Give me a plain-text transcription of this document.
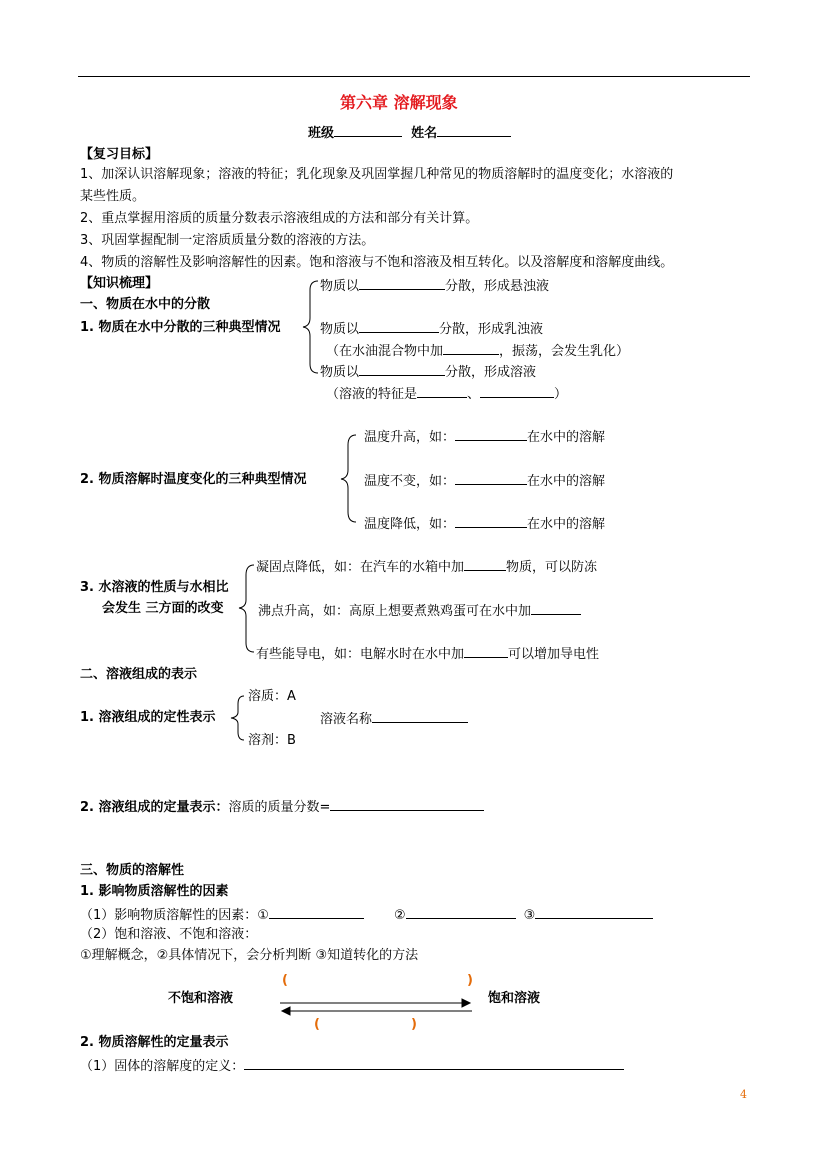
第六章 溶解现象
班级	姓名
【复习目标】
1、加深认识溶解现象；溶液的特征；乳化现象及巩固掌握几种常见的物质溶解时的温度变化；水溶液的
某些性质。
2、重点掌握用溶质的质量分数表示溶液组成的方法和部分有关计算。
3、巩固掌握配制一定溶质质量分数的溶液的方法。
4、物质的溶解性及影响溶解性的因素。饱和溶液与不饱和溶液及相互转化。以及溶解度和溶解度曲线。
【知识梳理】
一、物质在水中的分散
1. 物质在水中分散的三种典型情况
物质以	分散，形成悬浊液
物质以	分散，形成乳浊液
（在水油混合物中加	，振荡，会发生乳化）
物质以	分散，形成溶液
（溶液的特征是	、	）
2. 物质溶解时温度变化的三种典型情况
温度升高，如：	在水中的溶解
温度不变，如：	在水中的溶解
温度降低，如：	在水中的溶解
3. 水溶液的性质与水相比
会发生 三方面的改变
凝固点降低，如：在汽车的水箱中加	物质，可以防冻
沸点升高，如：高原上想要煮熟鸡蛋可在水中加
有些能导电，如：电解水时在水中加	可以增加导电性
二、溶液组成的表示
1. 溶液组成的定性表示
溶质：A
溶剂：B
溶液名称
2. 溶液组成的定量表示：溶质的质量分数=
三、物质的溶解性
1. 影响物质溶解性的因素
（1）影响物质溶解性的因素：①	②	③
（2）饱和溶液、不饱和溶液：
①理解概念，②具体情况下，会分析判断 ③知道转化的方法
(	)
不饱和溶液	饱和溶液
(	)
2. 物质溶解性的定量表示
（1）固体的溶解度的定义：
4
